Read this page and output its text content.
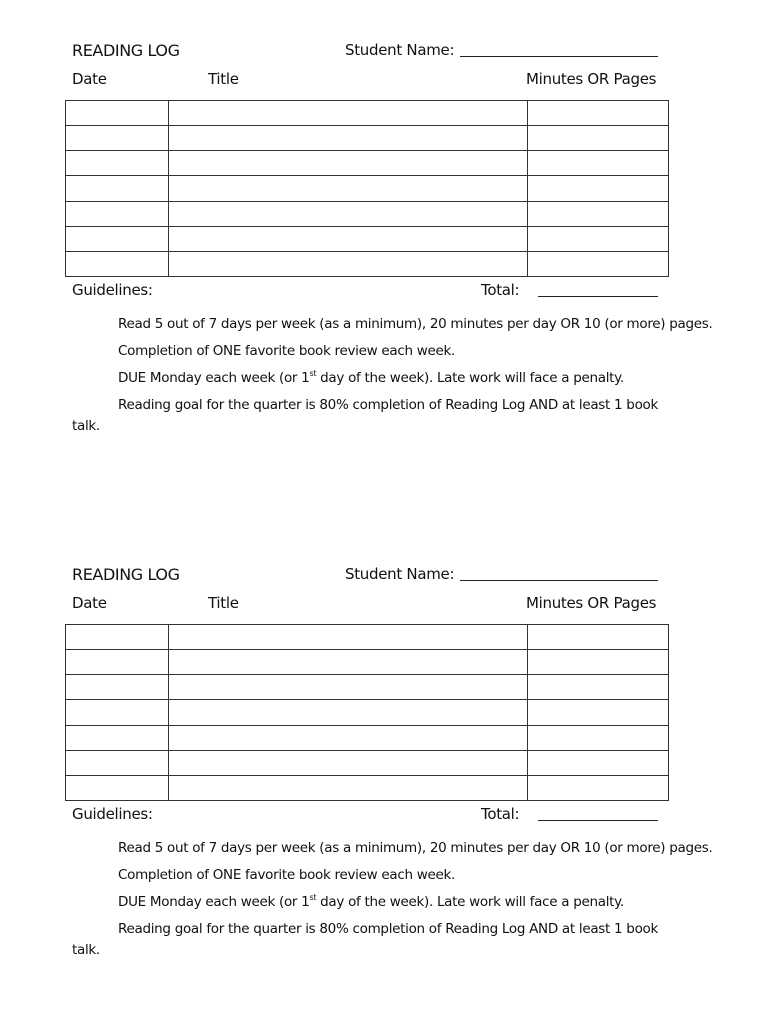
READING LOG	Student Name:
Date	Title	Minutes OR Pages

Guidelines:	Total:
Read 5 out of 7 days per week (as a minimum), 20 minutes per day OR 10 (or more) pages.
Completion of ONE favorite book review each week.
DUE Monday each week (or 1st day of the week). Late work will face a penalty.
Reading goal for the quarter is 80% completion of Reading Log AND at least 1 book
talk.
READING LOG	Student Name:
Date	Title	Minutes OR Pages

Guidelines:	Total:
Read 5 out of 7 days per week (as a minimum), 20 minutes per day OR 10 (or more) pages.
Completion of ONE favorite book review each week.
DUE Monday each week (or 1st day of the week). Late work will face a penalty.
Reading goal for the quarter is 80% completion of Reading Log AND at least 1 book
talk.
